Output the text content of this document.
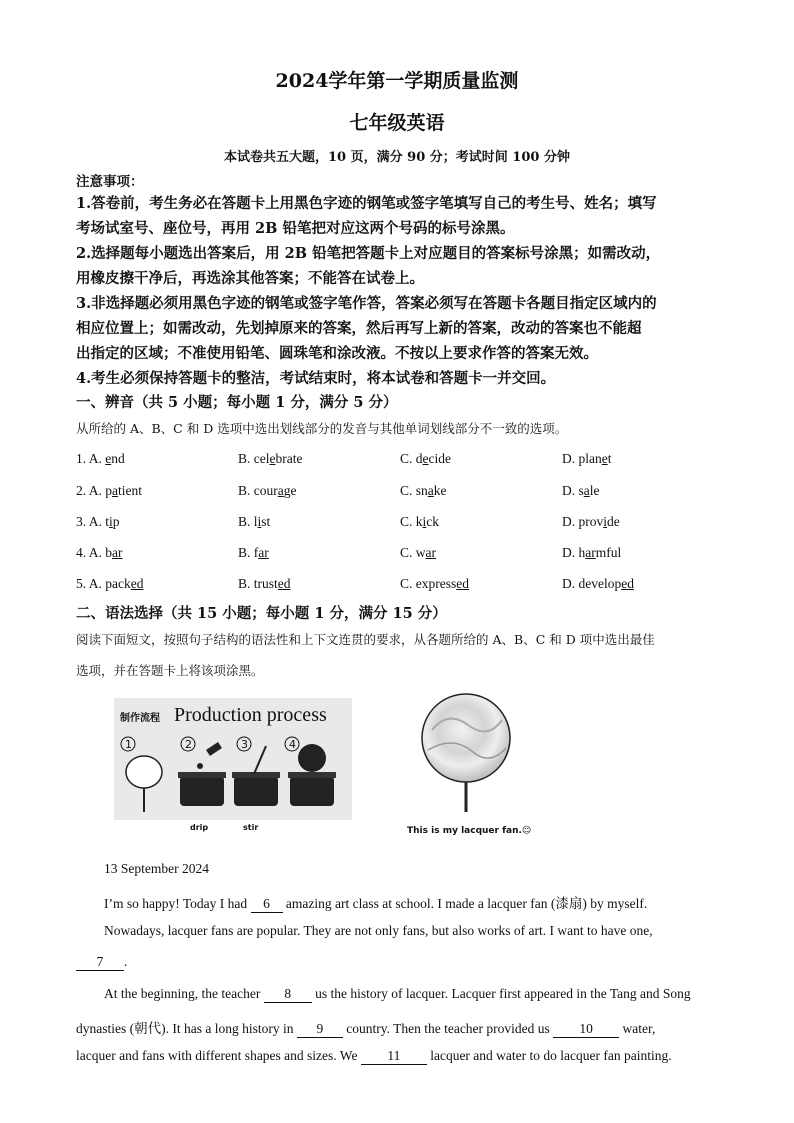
2024学年第一学期质量监测
七年级英语
本试卷共五大题，10 页，满分 90 分；考试时间 100 分钟
注意事项：
1.答卷前，考生务必在答题卡上用黑色字迹的钢笔或签字笔填写自己的考生号、姓名；填写
考场试室号、座位号，再用 2B 铅笔把对应这两个号码的标号涂黑。
2.选择题每小题选出答案后，用 2B 铅笔把答题卡上对应题目的答案标号涂黑；如需改动，
用橡皮擦干净后，再选涂其他答案；不能答在试卷上。
3.非选择题必须用黑色字迹的钢笔或签字笔作答，答案必须写在答题卡各题目指定区域内的
相应位置上；如需改动，先划掉原来的答案，然后再写上新的答案，改动的答案也不能超
出指定的区域；不准使用铅笔、圆珠笔和涂改液。不按以上要求作答的答案无效。
4.考生必须保持答题卡的整洁，考试结束时，将本试卷和答题卡一并交回。
一、辨音（共 5 小题；每小题 1 分，满分 5 分）
从所给的 A、B、C 和 D 选项中选出划线部分的发音与其他单词划线部分不一致的选项。
1. A. end	B. celebrate	C. decide	D. planet
2. A. patient	B. courage	C. snake	D. sale
3. A. tip	B. list	C. kick	D. provide
4. A. bar	B. far	C. war	D. harmful
5. A. packed	B. trusted	C. expressed	D. developed
二、语法选择（共 15 小题；每小题 1 分，满分 15 分）
阅读下面短文，按照句子结构的语法性和上下文连贯的要求，从各题所给的 A、B、C 和 D 项中选出最佳
选项，并在答题卡上将该项涂黑。
制作流程 Production process
1	2	3	4
drip	stir	This is my lacquer fan.☺
13 September 2024
I’m so happy! Today I had 6 amazing art class at school. I made a lacquer fan (漆扇) by myself.
Nowadays, lacquer fans are popular. They are not only fans, but also works of art. I want to have one,
7 .
At the beginning, the teacher 8 us the history of lacquer. Lacquer first appeared in the Tang and Song
dynasties (朝代). It has a long history in 9 country. Then the teacher provided us 10 water,
lacquer and fans with different shapes and sizes. We 11 lacquer and water to do lacquer fan painting.
